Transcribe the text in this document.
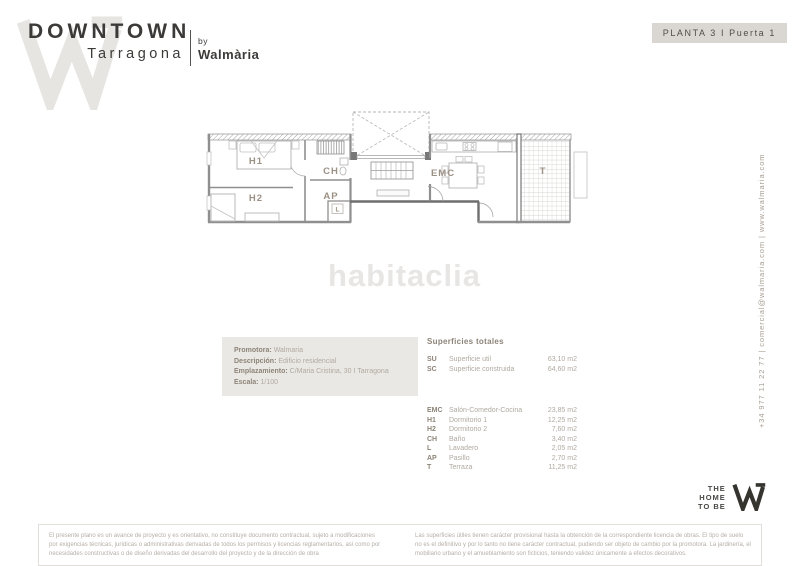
DOWNTOWN
Tarragona
by
Walmària
PLANTA 3 I Puerta 1
+34 977 11 22 77 | comercial@walmaria.com | www.walmaria.com
H1
H2
CH
AP
L
EMC	T
habitaclia
Promotora: Walmaria
Descripción: Edificio residencial
Emplazamiento: C/Maria Cristina, 30 I Tarragona
Escala: 1/100
Superficies totales
SU	Superficie util	63,10 m2
SC	Superficie construida	64,60 m2
EMC Salón-Comedor-Cocina	23,85 m2
H1	Dormitorio 1	12,25 m2
H2	Dormitorio 2	7,60 m2
CH	Baño	3,40 m2
L	Lavadero	2,05 m2
AP	Pasillo	2,70 m2
T	Terraza	11,25 m2
THE
HOME
TO BE

El presente plano es un avance de proyecto y es orientativo, no constituye documento contractual, sujeto a modificaciones por exigencias técnicas, jurídicas o administrativas derivadas de todos los permisos y licencias reglamentarios, así como por necesidades constructivas o de diseño derivadas del desarrollo del proyecto y de la dirección de obra

Las superficies útiles tienen carácter provisional hasta la obtención de la correspondiente licencia de obras. El tipo de suelo no es el definitivo y por lo tanto no tiene carácter contractual, pudiendo ser objeto de cambio por la promotora. La jardinería, el mobiliario urbano y el amueblamiento son ficticios, teniendo validez únicamente a efectos decorativos.
